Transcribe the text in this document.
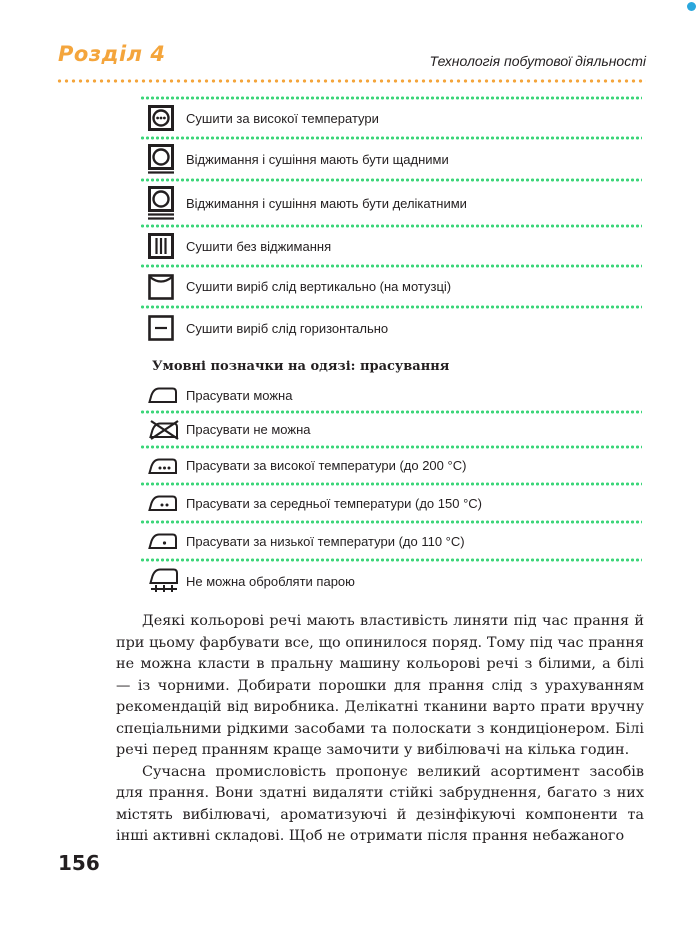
Розділ 4	Технологія побутової діяльності
Сушити за високої температури
Віджимання і сушіння мають бути щадними
Віджимання і сушіння мають бути делікатними
Сушити без віджимання
Сушити виріб слід вертикально (на мотузці)
Сушити виріб слід горизонтально
Умовні позначки на одязі: прасування
Прасувати можна
Прасувати не можна
Прасувати за високої температури (до 200 °С)
Прасувати за середньої температури (до 150 °С)
Прасувати за низької температури (до 110 °С)
Не можна обробляти парою

Деякі кольорові речі мають властивість линяти під час прання й при цьому фарбувати все, що опинилося поряд. Тому під час прання не можна класти в пральну машину кольорові речі з білими, а білі — із чорними. Добирати порошки для прання слід з урахуванням рекомендацій від виробника. Делікатні тканини варто прати вручну спеціальними рідкими засобами та полоскати з кондиціонером. Білі речі перед пранням краще замочити у вибілювачі на кілька годин.

Сучасна промисловість пропонує великий асортимент засобів для прання. Вони здатні видаляти стійкі забруднення, багато з них містять вибілювачі, ароматизуючі й дезінфікуючі компоненти та інші активні складові. Щоб не отримати після прання небажаного

156
